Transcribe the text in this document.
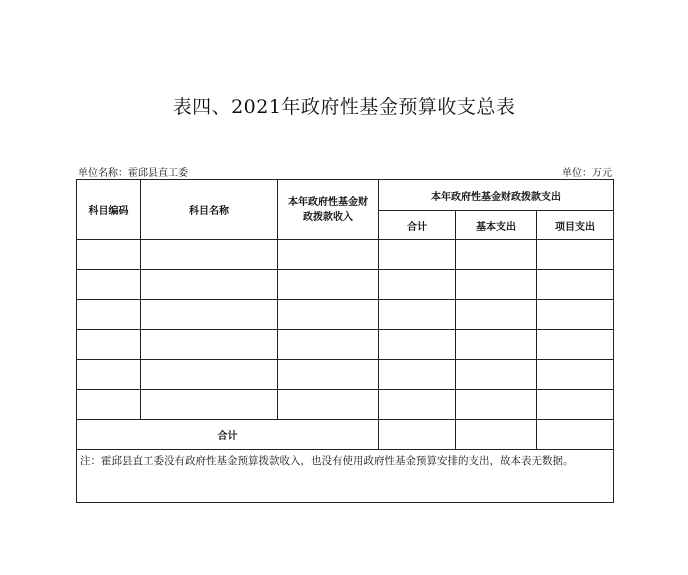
表四、2021年政府性基金预算收支总表
单位名称：霍邱县直工委	单位：万元
科目编码	科目名称	本年政府性基金财政拨款收入	本年政府性基金财政拨款支出		
			合计	基本支出	项目支出

合计					
注：霍邱县直工委没有政府性基金预算拨款收入，也没有使用政府性基金预算安排的支出，故本表无数据。					
